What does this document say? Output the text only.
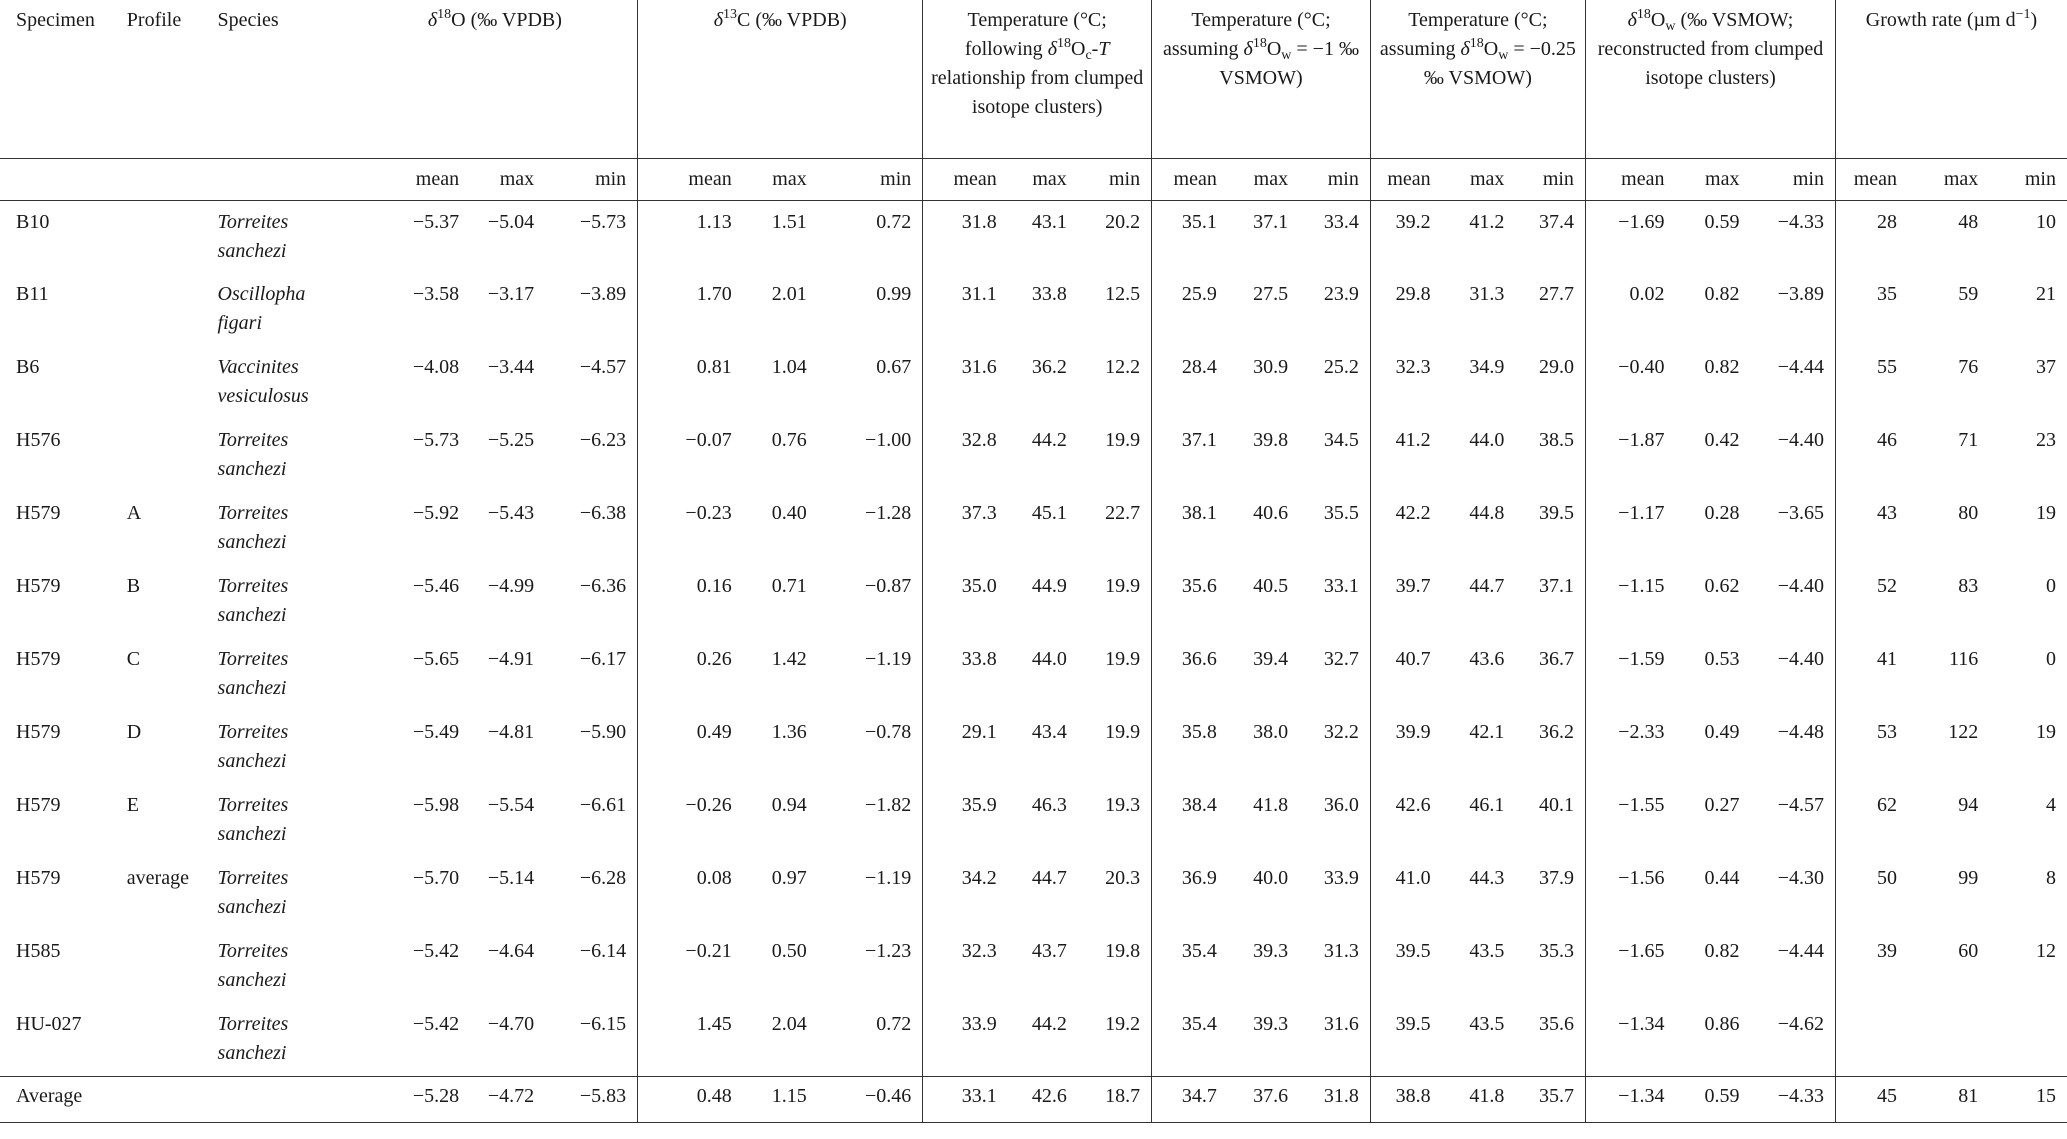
Specimen	Profile	Species	$\delta^{18}O$ (‰ VPDB)			$\delta^{13}C$ (‰ VPDB)			Temperature (°C; following $\delta^{18}O_c-T$ relationship from clumped isotope clusters)			Temperature (°C; assuming $\delta^{18}O_w = -1$ ‰ VSMOW)			Temperature (°C; assuming $\delta^{18}O_w = -0.25$ ‰ VSMOW)			$\delta^{18}O_w$ (‰ VSMOW; reconstructed from clumped isotope clusters)			Growth rate (µm $d^{-1}$)		
			mean	max	min	mean	max	min	mean	max	min	mean	max	min	mean	max	min	mean	max	min	mean	max	min
B10		Torreites
sanchezi	−5.37	−5.04	−5.73	1.13	1.51	0.72	31.8	43.1	20.2	35.1	37.1	33.4	39.2	41.2	37.4	−1.69	0.59	−4.33	28	48	10
B11		Oscillopha
figari	−3.58	−3.17	−3.89	1.70	2.01	0.99	31.1	33.8	12.5	25.9	27.5	23.9	29.8	31.3	27.7	0.02	0.82	−3.89	35	59	21
B6		Vaccinites
vesiculosus	−4.08	−3.44	−4.57	0.81	1.04	0.67	31.6	36.2	12.2	28.4	30.9	25.2	32.3	34.9	29.0	−0.40	0.82	−4.44	55	76	37
H576		Torreites
sanchezi	−5.73	−5.25	−6.23	−0.07	0.76	−1.00	32.8	44.2	19.9	37.1	39.8	34.5	41.2	44.0	38.5	−1.87	0.42	−4.40	46	71	23
H579	A	Torreites
sanchezi	−5.92	−5.43	−6.38	−0.23	0.40	−1.28	37.3	45.1	22.7	38.1	40.6	35.5	42.2	44.8	39.5	−1.17	0.28	−3.65	43	80	19
H579	B	Torreites
sanchezi	−5.46	−4.99	−6.36	0.16	0.71	−0.87	35.0	44.9	19.9	35.6	40.5	33.1	39.7	44.7	37.1	−1.15	0.62	−4.40	52	83	0
H579	C	Torreites
sanchezi	−5.65	−4.91	−6.17	0.26	1.42	−1.19	33.8	44.0	19.9	36.6	39.4	32.7	40.7	43.6	36.7	−1.59	0.53	−4.40	41	116	0
H579	D	Torreites
sanchezi	−5.49	−4.81	−5.90	0.49	1.36	−0.78	29.1	43.4	19.9	35.8	38.0	32.2	39.9	42.1	36.2	−2.33	0.49	−4.48	53	122	19
H579	E	Torreites
sanchezi	−5.98	−5.54	−6.61	−0.26	0.94	−1.82	35.9	46.3	19.3	38.4	41.8	36.0	42.6	46.1	40.1	−1.55	0.27	−4.57	62	94	4
H579	average	Torreites
sanchezi	−5.70	−5.14	−6.28	0.08	0.97	−1.19	34.2	44.7	20.3	36.9	40.0	33.9	41.0	44.3	37.9	−1.56	0.44	−4.30	50	99	8
H585		Torreites
sanchezi	−5.42	−4.64	−6.14	−0.21	0.50	−1.23	32.3	43.7	19.8	35.4	39.3	31.3	39.5	43.5	35.3	−1.65	0.82	−4.44	39	60	12
HU-027		Torreites
sanchezi	−5.42	−4.70	−6.15	1.45	2.04	0.72	33.9	44.2	19.2	35.4	39.3	31.6	39.5	43.5	35.6	−1.34	0.86	−4.62			
Average			−5.28	−4.72	−5.83	0.48	1.15	−0.46	33.1	42.6	18.7	34.7	37.6	31.8	38.8	41.8	35.7	−1.34	0.59	−4.33	45	81	15
